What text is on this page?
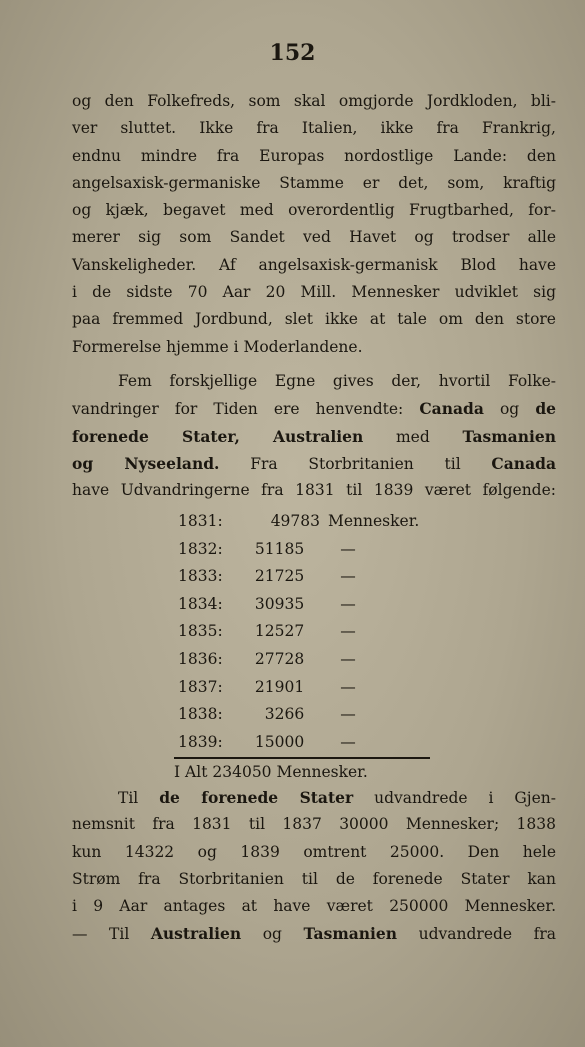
152
og den Folkefreds, som skal omgjorde Jordkloden, bli-
ver sluttet. Ikke fra Italien, ikke fra Frankrig,
endnu mindre fra Europas nordostlige Lande: den
angelsaxisk-germaniske Stamme er det, som, kraftig
og kjæk, begavet med overordentlig Frugtbarhed, for-
merer sig som Sandet ved Havet og trodser alle
Vanskeligheder. Af angelsaxisk-germanisk Blod have
i de sidste 70 Aar 20 Mill. Mennesker udviklet sig
paa fremmed Jordbund, slet ikke at tale om den store
Formerelse hjemme i Moderlandene.
Fem forskjellige Egne gives der, hvortil Folke-
vandringer for Tiden ere henvendte: Canada og de
forenede Stater, Australien med Tasmanien
og Nyseeland. Fra Storbritanien til Canada
have Udvandringerne fra 1831 til 1839 været følgende:
1831:	49783 Mennesker.
1832:	51185	—
1833:	21725	—
1834:	30935	—
1835:	12527	—
1836:	27728	—
1837:	21901	—
1838:	3266	—
1839:	15000	—
I Alt 234050 Mennesker.
Til de forenede Stater udvandrede i Gjen-
nemsnit fra 1831 til 1837 30000 Mennesker; 1838
kun 14322 og 1839 omtrent 25000. Den hele
Strøm fra Storbritanien til de forenede Stater kan
i 9 Aar antages at have været 250000 Mennesker.
— Til Australien og Tasmanien udvandrede fra
